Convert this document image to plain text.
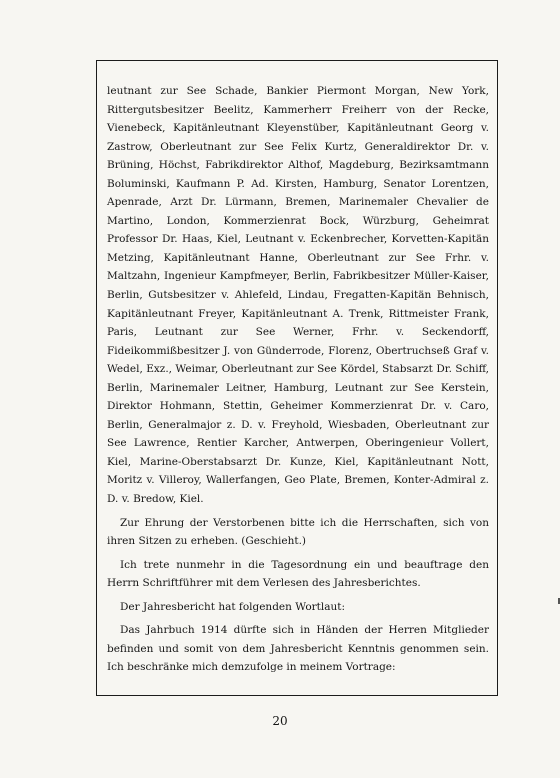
leutnant zur See Schade, Bankier Piermont Morgan, New York, Rittergutsbesitzer Beelitz, Kammerherr Freiherr von der Recke, Vienebeck, Kapitänleutnant Kleyenstüber, Kapitänleutnant Georg v. Zastrow, Oberleutnant zur See Felix Kurtz, Generaldirektor Dr. v. Brüning, Höchst, Fabrikdirektor Althof, Magdeburg, Bezirksamtmann Boluminski, Kaufmann P. Ad. Kirsten, Hamburg, Senator Lorentzen, Apenrade, Arzt Dr. Lürmann, Bremen, Marinemaler Chevalier de Martino, London, Kommerzienrat Bock, Würzburg, Geheimrat Professor Dr. Haas, Kiel, Leutnant v. Eckenbrecher, Korvetten-Kapitän Metzing, Kapitänleutnant Hanne, Oberleutnant zur See Frhr. v. Maltzahn, Ingenieur Kampfmeyer, Berlin, Fabrikbesitzer Müller-Kaiser, Berlin, Gutsbesitzer v. Ahlefeld, Lindau, Fregatten-Kapitän Behnisch, Kapitänleutnant Freyer, Kapitänleutnant A. Trenk, Rittmeister Frank, Paris, Leutnant zur See Werner, Frhr. v. Seckendorff, Fideikommißbesitzer J. von Günderrode, Florenz, Obertruchseß Graf v. Wedel, Exz., Weimar, Oberleutnant zur See Kördel, Stabsarzt Dr. Schiff, Berlin, Marinemaler Leitner, Hamburg, Leutnant zur See Kerstein, Direktor Hohmann, Stettin, Geheimer Kommerzienrat Dr. v. Caro, Berlin, Generalmajor z. D. v. Freyhold, Wiesbaden, Oberleutnant zur See Lawrence, Rentier Karcher, Antwerpen, Oberingenieur Vollert, Kiel, Marine-Oberstabsarzt Dr. Kunze, Kiel, Kapitänleutnant Nott, Moritz v. Villeroy, Wallerfangen, Geo Plate, Bremen, Konter-Admiral z. D. v. Bredow, Kiel.

Zur Ehrung der Verstorbenen bitte ich die Herrschaften, sich von ihren Sitzen zu erheben. (Geschieht.)

Ich trete nunmehr in die Tagesordnung ein und beauftrage den Herrn Schriftführer mit dem Verlesen des Jahresberichtes.

Der Jahresbericht hat folgenden Wortlaut:

Das Jahrbuch 1914 dürfte sich in Händen der Herren Mitglieder befinden und somit von dem Jahresbericht Kenntnis genommen sein. Ich beschränke mich demzufolge in meinem Vortrage:

20
